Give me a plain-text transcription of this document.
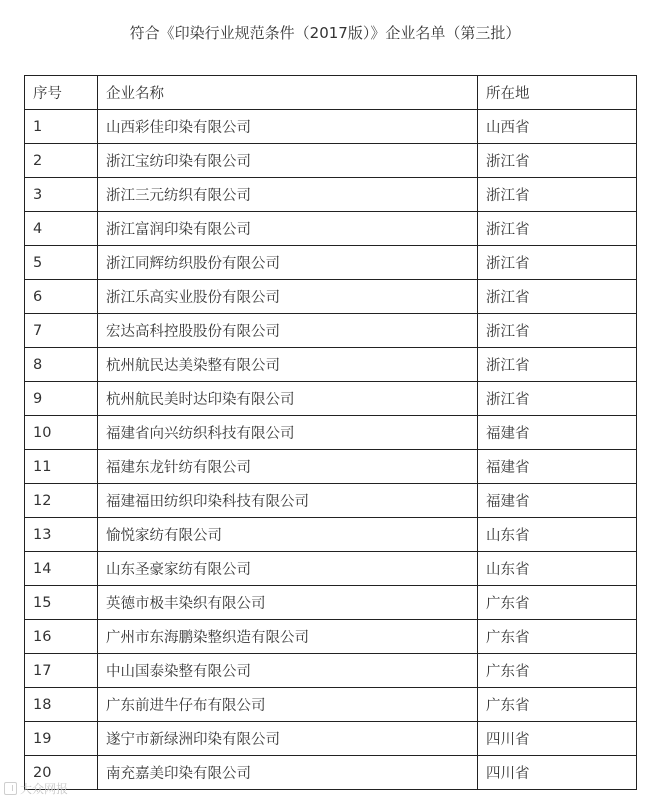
符合《印染行业规范条件（2017版）》企业名单（第三批）
序号	企业名称	所在地
1	山西彩佳印染有限公司	山西省
2	浙江宝纺印染有限公司	浙江省
3	浙江三元纺织有限公司	浙江省
4	浙江富润印染有限公司	浙江省
5	浙江同辉纺织股份有限公司	浙江省
6	浙江乐高实业股份有限公司	浙江省
7	宏达高科控股股份有限公司	浙江省
8	杭州航民达美染整有限公司	浙江省
9	杭州航民美时达印染有限公司	浙江省
10	福建省向兴纺织科技有限公司	福建省
11	福建东龙针纺有限公司	福建省
12	福建福田纺织印染科技有限公司	福建省
13	愉悦家纺有限公司	山东省
14	山东圣豪家纺有限公司	山东省
15	英德市极丰染织有限公司	广东省
16	广州市东海鹏染整织造有限公司	广东省
17	中山国泰染整有限公司	广东省
18	广东前进牛仔布有限公司	广东省
19	遂宁市新绿洲印染有限公司	四川省
20	南充嘉美印染有限公司	四川省
大众网报
